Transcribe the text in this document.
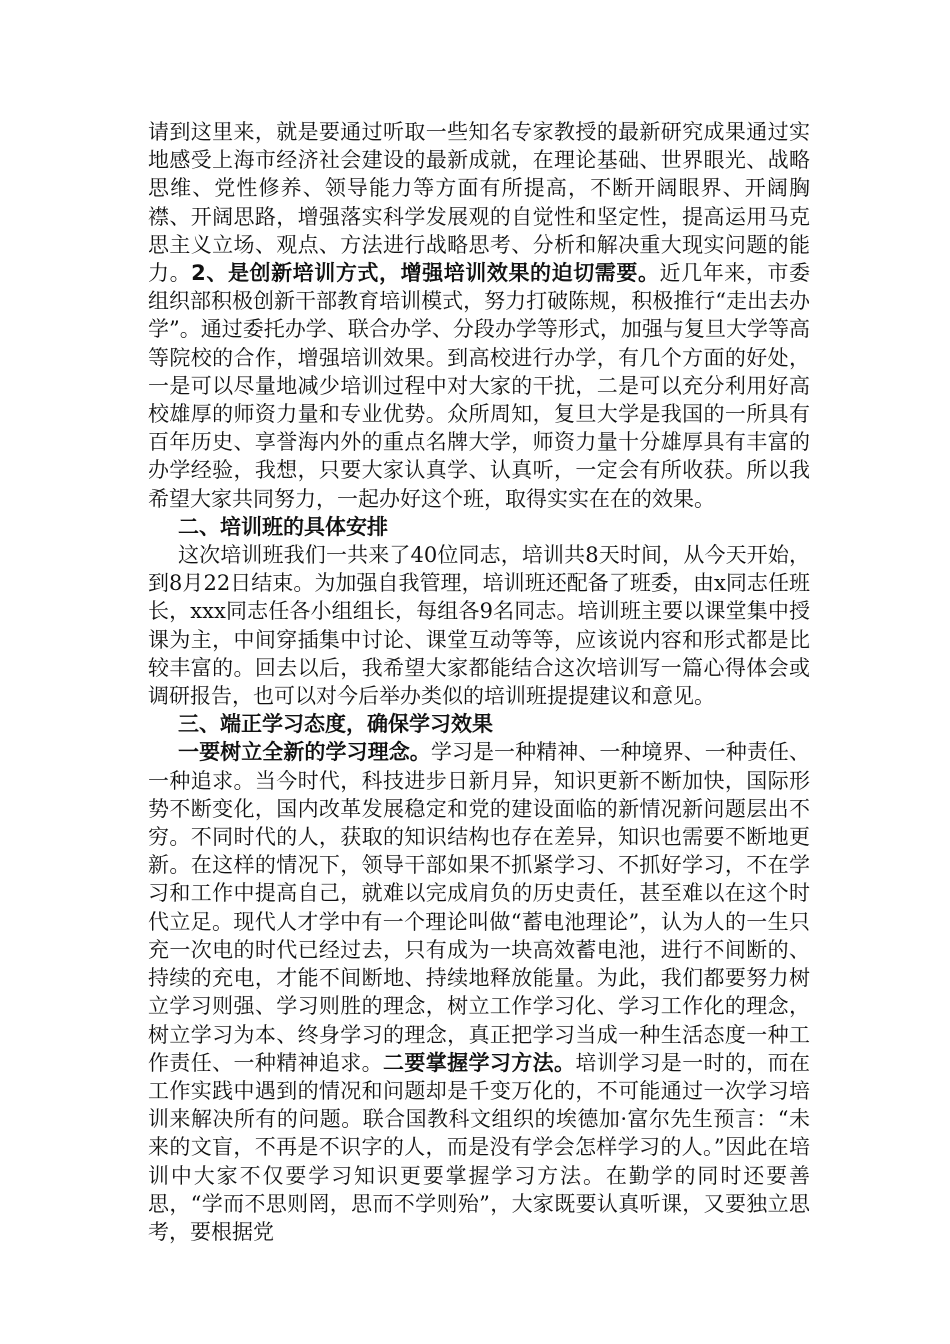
请到这里来，就是要通过听取一些知名专家教授的最新研究成果通过实地感受上海市经济社会建设的最新成就，在理论基础、世界眼光、战略思维、党性修养、领导能力等方面有所提高，不断开阔眼界、开阔胸襟、开阔思路，增强落实科学发展观的自觉性和坚定性，提高运用马克思主义立场、观点、方法进行战略思考、分析和解决重大现实问题的能力。2、是创新培训方式，增强培训效果的迫切需要。近几年来，市委组织部积极创新干部教育培训模式，努力打破陈规，积极推行“走出去办学”。通过委托办学、联合办学、分段办学等形式，加强与复旦大学等高等院校的合作，增强培训效果。到高校进行办学，有几个方面的好处，一是可以尽量地减少培训过程中对大家的干扰，二是可以充分利用好高校雄厚的师资力量和专业优势。众所周知，复旦大学是我国的一所具有百年历史、享誉海内外的重点名牌大学，师资力量十分雄厚具有丰富的办学经验，我想，只要大家认真学、认真听，一定会有所收获。所以我希望大家共同努力，一起办好这个班，取得实实在在的效果。

二、培训班的具体安排

这次培训班我们一共来了40位同志，培训共8天时间，从今天开始，到8月22日结束。为加强自我管理，培训班还配备了班委，由x同志任班长，xxx同志任各小组组长，每组各9名同志。培训班主要以课堂集中授课为主，中间穿插集中讨论、课堂互动等等，应该说内容和形式都是比较丰富的。回去以后，我希望大家都能结合这次培训写一篇心得体会或调研报告，也可以对今后举办类似的培训班提提建议和意见。

三、端正学习态度，确保学习效果

一要树立全新的学习理念。学习是一种精神、一种境界、一种责任、一种追求。当今时代，科技进步日新月异，知识更新不断加快，国际形势不断变化，国内改革发展稳定和党的建设面临的新情况新问题层出不穷。不同时代的人，获取的知识结构也存在差异，知识也需要不断地更新。在这样的情况下，领导干部如果不抓紧学习、不抓好学习，不在学习和工作中提高自己，就难以完成肩负的历史责任，甚至难以在这个时代立足。现代人才学中有一个理论叫做“蓄电池理论”，认为人的一生只充一次电的时代已经过去，只有成为一块高效蓄电池，进行不间断的、持续的充电，才能不间断地、持续地释放能量。为此，我们都要努力树立学习则强、学习则胜的理念，树立工作学习化、学习工作化的理念，树立学习为本、终身学习的理念，真正把学习当成一种生活态度一种工作责任、一种精神追求。二要掌握学习方法。培训学习是一时的，而在工作实践中遇到的情况和问题却是千变万化的，不可能通过一次学习培训来解决所有的问题。联合国教科文组织的埃德加·富尔先生预言：“未来的文盲，不再是不识字的人，而是没有学会怎样学习的人。”因此在培训中大家不仅要学习知识更要掌握学习方法。在勤学的同时还要善思，“学而不思则罔，思而不学则殆”，大家既要认真听课，又要独立思考，要根据党
